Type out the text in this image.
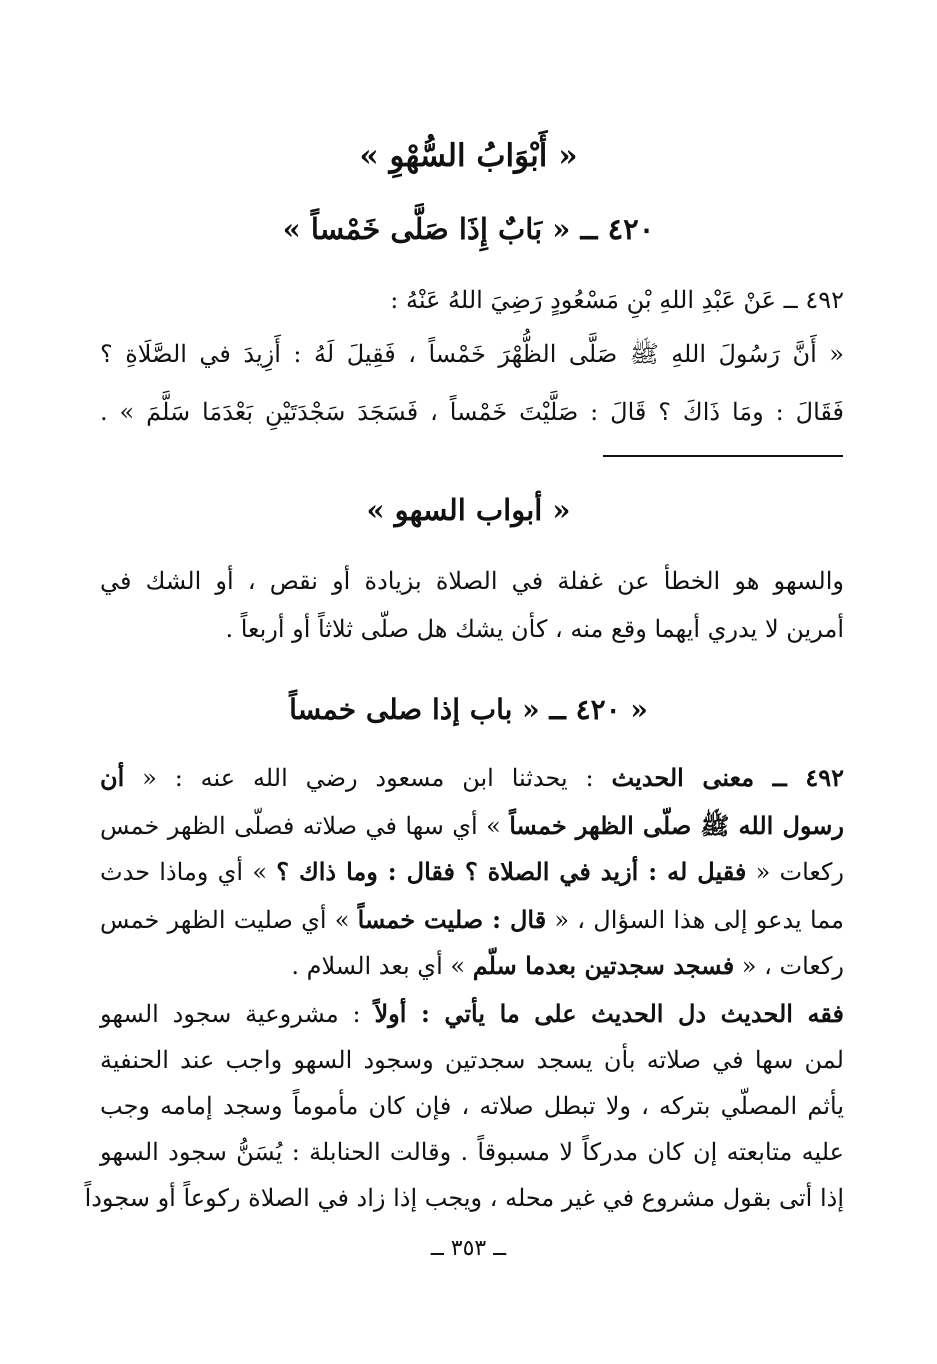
« أَبْوَابُ السُّهْوِ »
٤٢٠ ــ « بَابٌ إِذَا صَلَّى خَمْساً »
٤٩٢ ــ عَنْ عَبْدِ اللهِ بْنِ مَسْعُودٍ رَضِيَ اللهُ عَنْهُ :
« أَنَّ رَسُولَ اللهِ ﷺ صَلَّى الظُّهْرَ خَمْساً ، فَقِيلَ لَهُ : أَزِيدَ في الصَّلَاةِ ؟
فَقَالَ : ومَا ذَاكَ ؟ قَالَ : صَلَّيْتَ خَمْساً ، فَسَجَدَ سَجْدَتَيْنِ بَعْدَمَا سَلَّمَ » .
« أبواب السهو »
والسهو هو الخطأ عن غفلة في الصلاة بزيادة أو نقص ، أو الشك في
أمرين لا يدري أيهما وقع منه ، كأن يشك هل صلّى ثلاثاً أو أربعاً .
« ٤٢٠ ــ « باب إذا صلى خمساً
٤٩٢ ــ معنى الحديث : يحدثنا ابن مسعود رضي الله عنه : « أن
رسول الله ﷺ صلّى الظهر خمساً » أي سها في صلاته فصلّى الظهر خمس
ركعات « فقيل له : أزيد في الصلاة ؟ فقال : وما ذاك ؟ » أي وماذا حدث
مما يدعو إلى هذا السؤال ، « قال : صليت خمساً » أي صليت الظهر خمس
ركعات ، « فسجد سجدتين بعدما سلّم » أي بعد السلام .
فقه الحديث دل الحديث على ما يأتي : أولاً : مشروعية سجود السهو
لمن سها في صلاته بأن يسجد سجدتين وسجود السهو واجب عند الحنفية
يأثم المصلّي بتركه ، ولا تبطل صلاته ، فإن كان مأموماً وسجد إمامه وجب
عليه متابعته إن كان مدركاً لا مسبوقاً . وقالت الحنابلة : يُسَنُّ سجود السهو
إذا أتى بقول مشروع في غير محله ، ويجب إذا زاد في الصلاة ركوعاً أو سجوداً
ــ ٣٥٣ ــ
